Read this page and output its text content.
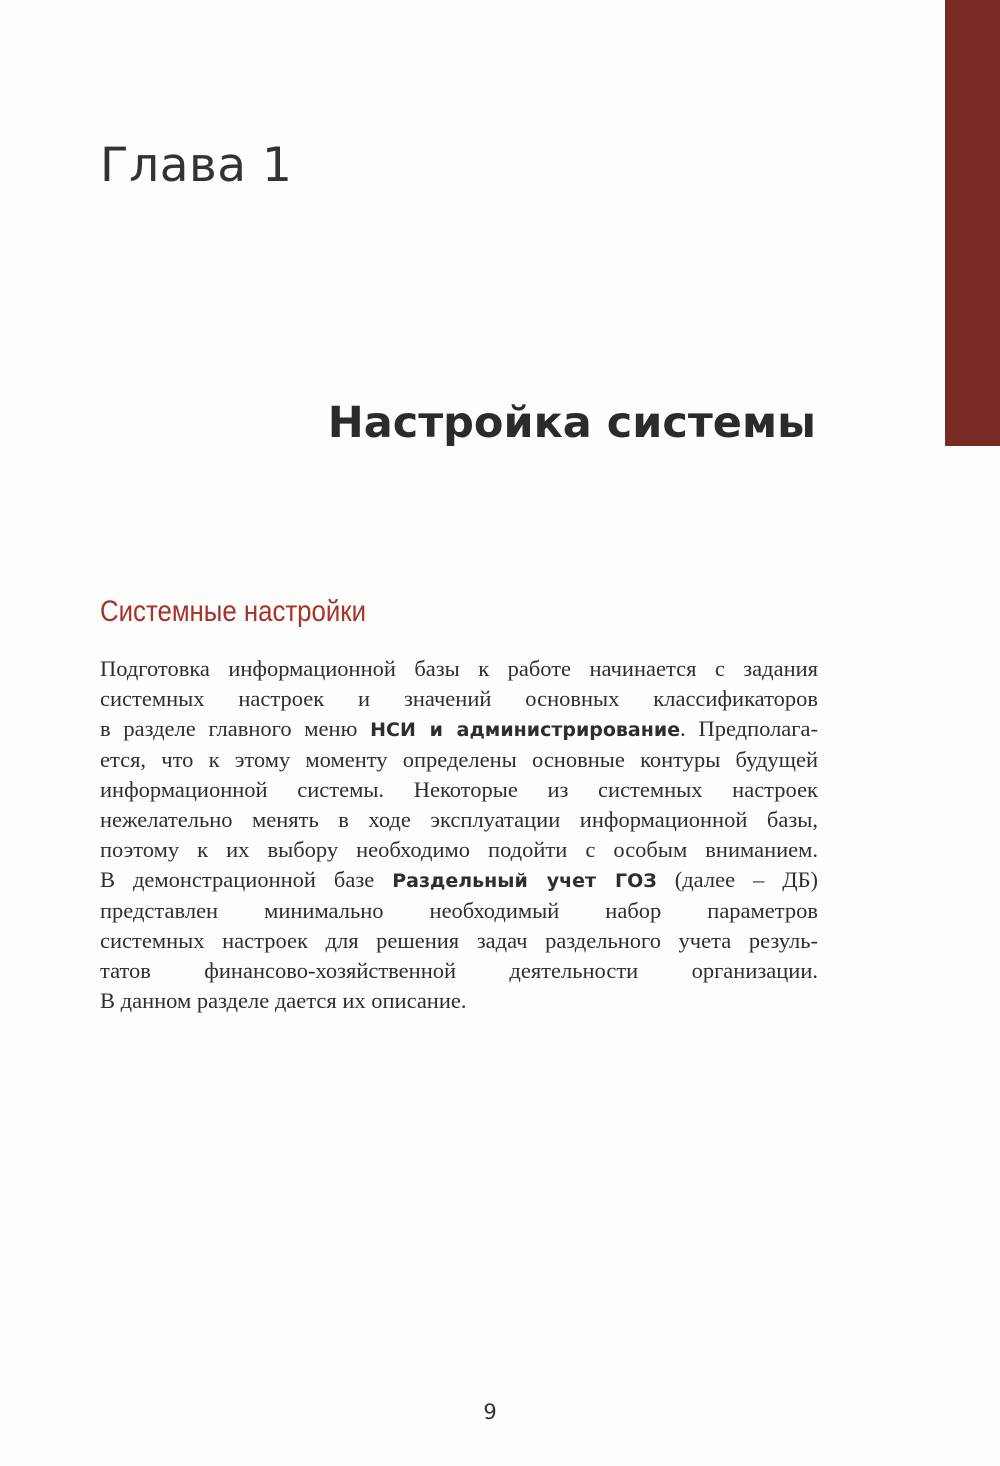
Глава 1
Настройка системы
Системные настройки
Подготовка информационной базы к работе начинается с задания
системных настроек и значений основных классификаторов
в разделе главного меню НСИ и администрирование. Предполага-
ется, что к этому моменту определены основные контуры будущей
информационной системы. Некоторые из системных настроек
нежелательно менять в ходе эксплуатации информационной базы,
поэтому к их выбору необходимо подойти с особым вниманием.
В демонстрационной базе Раздельный учет ГОЗ (далее – ДБ)
представлен минимально необходимый набор параметров
системных настроек для решения задач раздельного учета резуль-
татов финансово-хозяйственной деятельности организации.
В данном разделе дается их описание.
9
